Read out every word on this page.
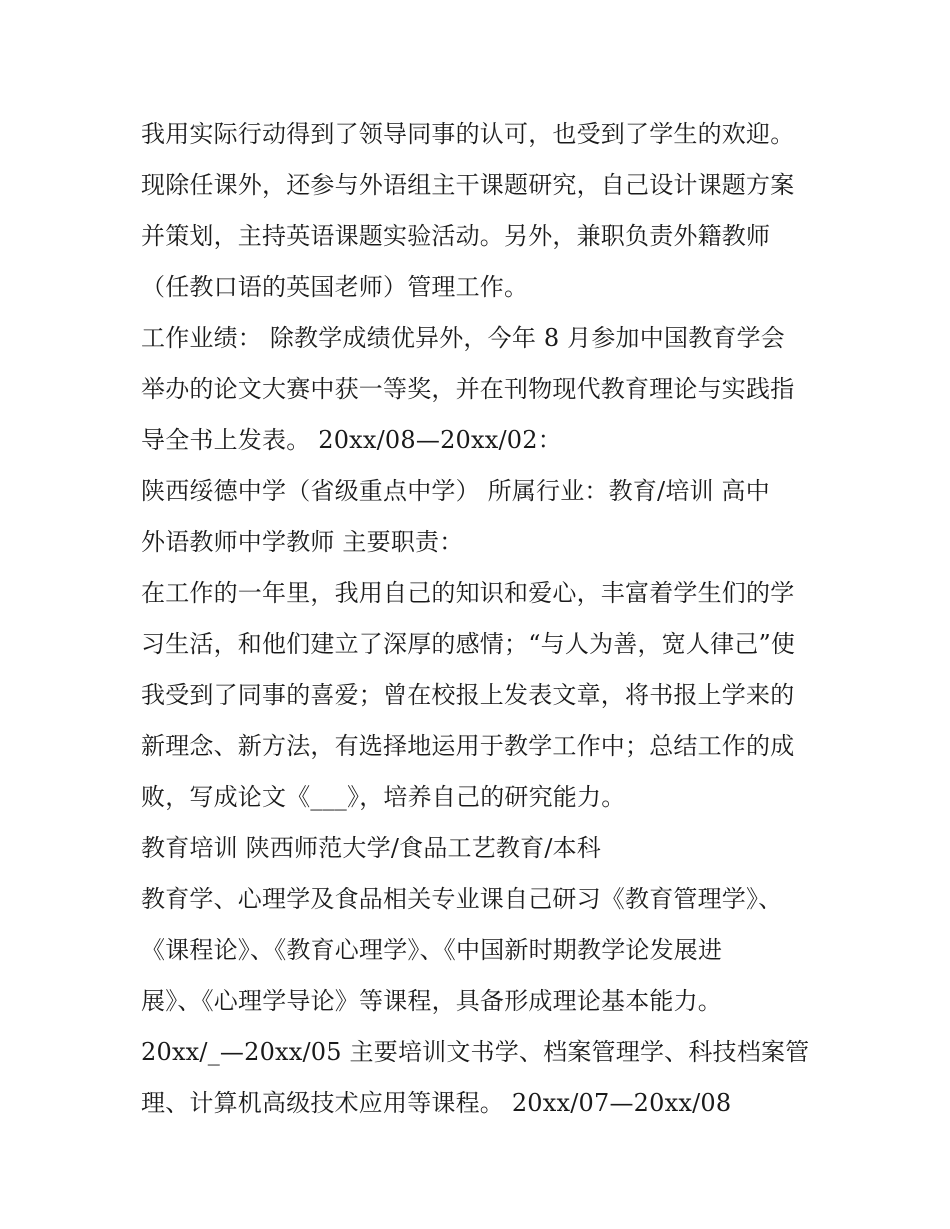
我用实际行动得到了领导同事的认可，也受到了学生的欢迎。
现除任课外，还参与外语组主干课题研究，自己设计课题方案
并策划，主持英语课题实验活动。另外，兼职负责外籍教师
（任教口语的英国老师）管理工作。
工作业绩： 除教学成绩优异外，今年 8 月参加中国教育学会
举办的论文大赛中获一等奖，并在刊物现代教育理论与实践指
导全书上发表。 20xx/08—20xx/02：
陕西绥德中学（省级重点中学） 所属行业：教育/培训 高中
外语教师中学教师 主要职责：
在工作的一年里，我用自己的知识和爱心，丰富着学生们的学
习生活，和他们建立了深厚的感情；“与人为善，宽人律己”使
我受到了同事的喜爱；曾在校报上发表文章，将书报上学来的
新理念、新方法，有选择地运用于教学工作中；总结工作的成
败，写成论文《___》，培养自己的研究能力。
教育培训 陕西师范大学/食品工艺教育/本科
教育学、心理学及食品相关专业课自己研习《教育管理学》、
《课程论》、《教育心理学》、《中国新时期教学论发展进
展》、《心理学导论》等课程，具备形成理论基本能力。
20xx/_—20xx/05 主要培训文书学、档案管理学、科技档案管
理、计算机高级技术应用等课程。 20xx/07—20xx/08
